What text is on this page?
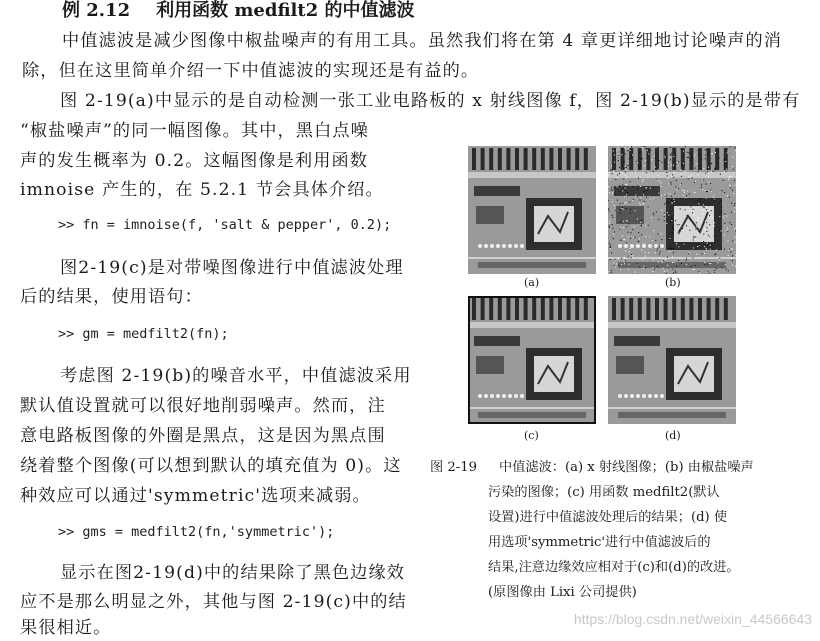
例 2.12 利用函数 medfilt2 的中值滤波
中值滤波是减少图像中椒盐噪声的有用工具。虽然我们将在第 4 章更详细地讨论噪声的消
除，但在这里简单介绍一下中值滤波的实现还是有益的。
图 2-19(a)中显示的是自动检测一张工业电路板的 x 射线图像 f，图 2-19(b)显示的是带有
“椒盐噪声”的同一幅图像。其中，黑白点噪
声的发生概率为 0.2。这幅图像是利用函数
imnoise 产生的，在 5.2.1 节会具体介绍。
>> fn = imnoise(f, 'salt & pepper', 0.2);
图2-19(c)是对带噪图像进行中值滤波处理
后的结果，使用语句：
>> gm = medfilt2(fn);
考虑图 2-19(b)的噪音水平，中值滤波采用
默认值设置就可以很好地削弱噪声。然而，注
意电路板图像的外圈是黑点，这是因为黑点围
绕着整个图像(可以想到默认的填充值为 0)。这
种效应可以通过'symmetric'选项来减弱。
>> gms = medfilt2(fn,'symmetric');
显示在图2-19(d)中的结果除了黑色边缘效
应不是那么明显之外，其他与图 2-19(c)中的结
果很相近。
(a)	(b)
(c)	(d)
图 2-19 中值滤波：(a) x 射线图像；(b) 由椒盐噪声
污染的图像；(c) 用函数 medfilt2(默认
设置)进行中值滤波处理后的结果；(d) 使
用选项'symmetric'进行中值滤波后的
结果,注意边缘效应相对于(c)和(d)的改进。
(原图像由 Lixi 公司提供)
https://blog.csdn.net/weixin_44566643
